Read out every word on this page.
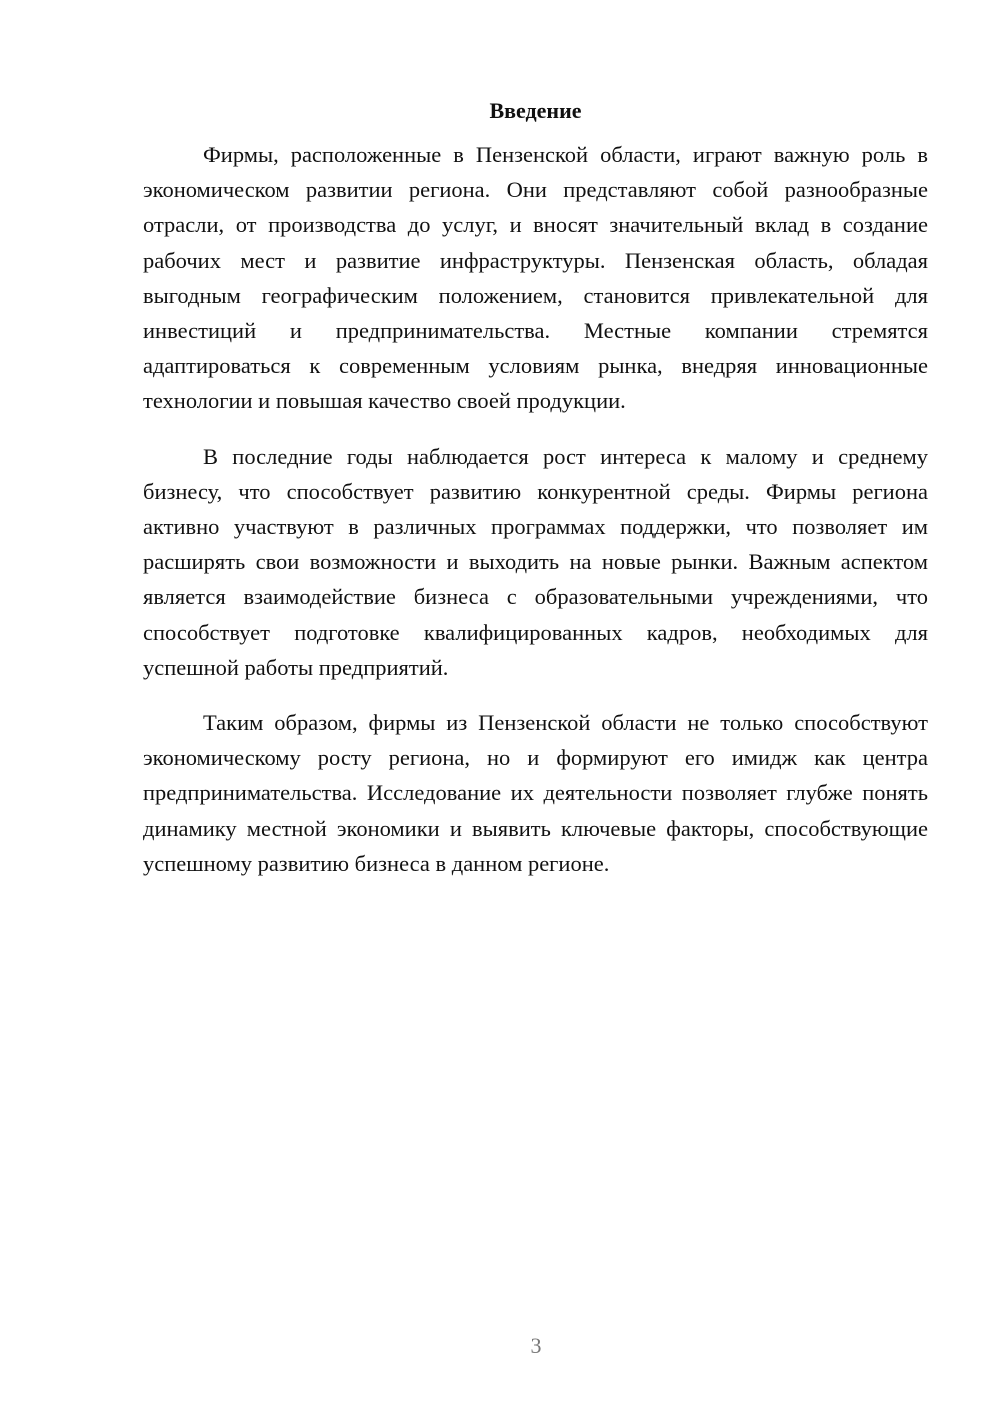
Введение

Фирмы, расположенные в Пензенской области, играют важную роль в экономическом развитии региона. Они представляют собой разнообразные отрасли, от производства до услуг, и вносят значительный вклад в создание рабочих мест и развитие инфраструктуры. Пензенская область, обладая выгодным географическим положением, становится привлекательной для инвестиций и предпринимательства. Местные компании стремятся адаптироваться к современным условиям рынка, внедряя инновационные технологии и повышая качество своей продукции.

В последние годы наблюдается рост интереса к малому и среднему бизнесу, что способствует развитию конкурентной среды. Фирмы региона активно участвуют в различных программах поддержки, что позволяет им расширять свои возможности и выходить на новые рынки. Важным аспектом является взаимодействие бизнеса с образовательными учреждениями, что способствует подготовке квалифицированных кадров, необходимых для успешной работы предприятий.

Таким образом, фирмы из Пензенской области не только способствуют экономическому росту региона, но и формируют его имидж как центра предпринимательства. Исследование их деятельности позволяет глубже понять динамику местной экономики и выявить ключевые факторы, способствующие успешному развитию бизнеса в данном регионе.

3
